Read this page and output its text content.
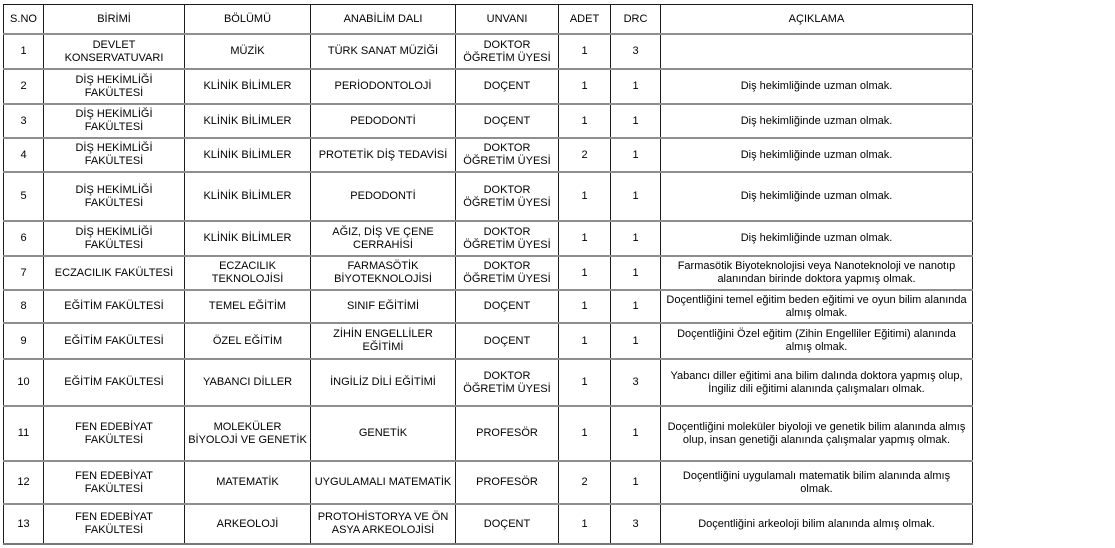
S.NO	BİRİMİ	BÖLÜMÜ	ANABİLİM DALI	UNVANI	ADET	DRC	AÇIKLAMA
1	DEVLET KONSERVATUVARI	MÜZİK	TÜRK SANAT MÜZİĞİ	DOKTOR ÖĞRETİM ÜYESİ	1	3	
2	DİŞ HEKİMLİĞİ FAKÜLTESİ	KLİNİK BİLİMLER	PERİODONTOLOJİ	DOÇENT	1	1	Diş hekimliğinde uzman olmak.
3	DİŞ HEKİMLİĞİ FAKÜLTESİ	KLİNİK BİLİMLER	PEDODONTİ	DOÇENT	1	1	Diş hekimliğinde uzman olmak.
4	DİŞ HEKİMLİĞİ FAKÜLTESİ	KLİNİK BİLİMLER	PROTETİK DİŞ TEDAVİSİ	DOKTOR ÖĞRETİM ÜYESİ	2	1	Diş hekimliğinde uzman olmak.
5	DİŞ HEKİMLİĞİ FAKÜLTESİ	KLİNİK BİLİMLER	PEDODONTİ	DOKTOR ÖĞRETİM ÜYESİ	1	1	Diş hekimliğinde uzman olmak.
6	DİŞ HEKİMLİĞİ FAKÜLTESİ	KLİNİK BİLİMLER	AĞIZ, DİŞ VE ÇENE CERRAHİSİ	DOKTOR ÖĞRETİM ÜYESİ	1	1	Diş hekimliğinde uzman olmak.
7	ECZACILIK FAKÜLTESİ	ECZACILIK TEKNOLOJİSİ	FARMASÖTİK BİYOTEKNOLOJİSİ	DOKTOR ÖĞRETİM ÜYESİ	1	1	Farmasötik Biyoteknolojisi veya Nanoteknoloji ve nanotıp alanından birinde doktora yapmış olmak.
8	EĞİTİM FAKÜLTESİ	TEMEL EĞİTİM	SINIF EĞİTİMİ	DOÇENT	1	1	Doçentliğini temel eğitim beden eğitimi ve oyun bilim alanında almış olmak.
9	EĞİTİM FAKÜLTESİ	ÖZEL EĞİTİM	ZİHİN ENGELLİLER EĞİTİMİ	DOÇENT	1	1	Doçentliğini Özel eğitim (Zihin Engelliler Eğitimi) alanında almış olmak.
10	EĞİTİM FAKÜLTESİ	YABANCI DİLLER	İNGİLİZ DİLİ EĞİTİMİ	DOKTOR ÖĞRETİM ÜYESİ	1	3	Yabancı diller eğitimi ana bilim dalında doktora yapmış olup, İngiliz dili eğitimi alanında çalışmaları olmak.
11	FEN EDEBİYAT FAKÜLTESİ	MOLEKÜLER BİYOLOJİ VE GENETİK	GENETİK	PROFESÖR	1	1	Doçentliğini moleküler biyoloji ve genetik bilim alanında almış olup, insan genetiği alanında çalışmalar yapmış olmak.
12	FEN EDEBİYAT FAKÜLTESİ	MATEMATİK	UYGULAMALI MATEMATİK	PROFESÖR	2	1	Doçentliğini uygulamalı matematik bilim alanında almış olmak.
13	FEN EDEBİYAT FAKÜLTESİ	ARKEOLOJİ	PROTOHİSTORYA VE ÖN ASYA ARKEOLOJİSİ	DOÇENT	1	3	Doçentliğini arkeoloji bilim alanında almış olmak.
